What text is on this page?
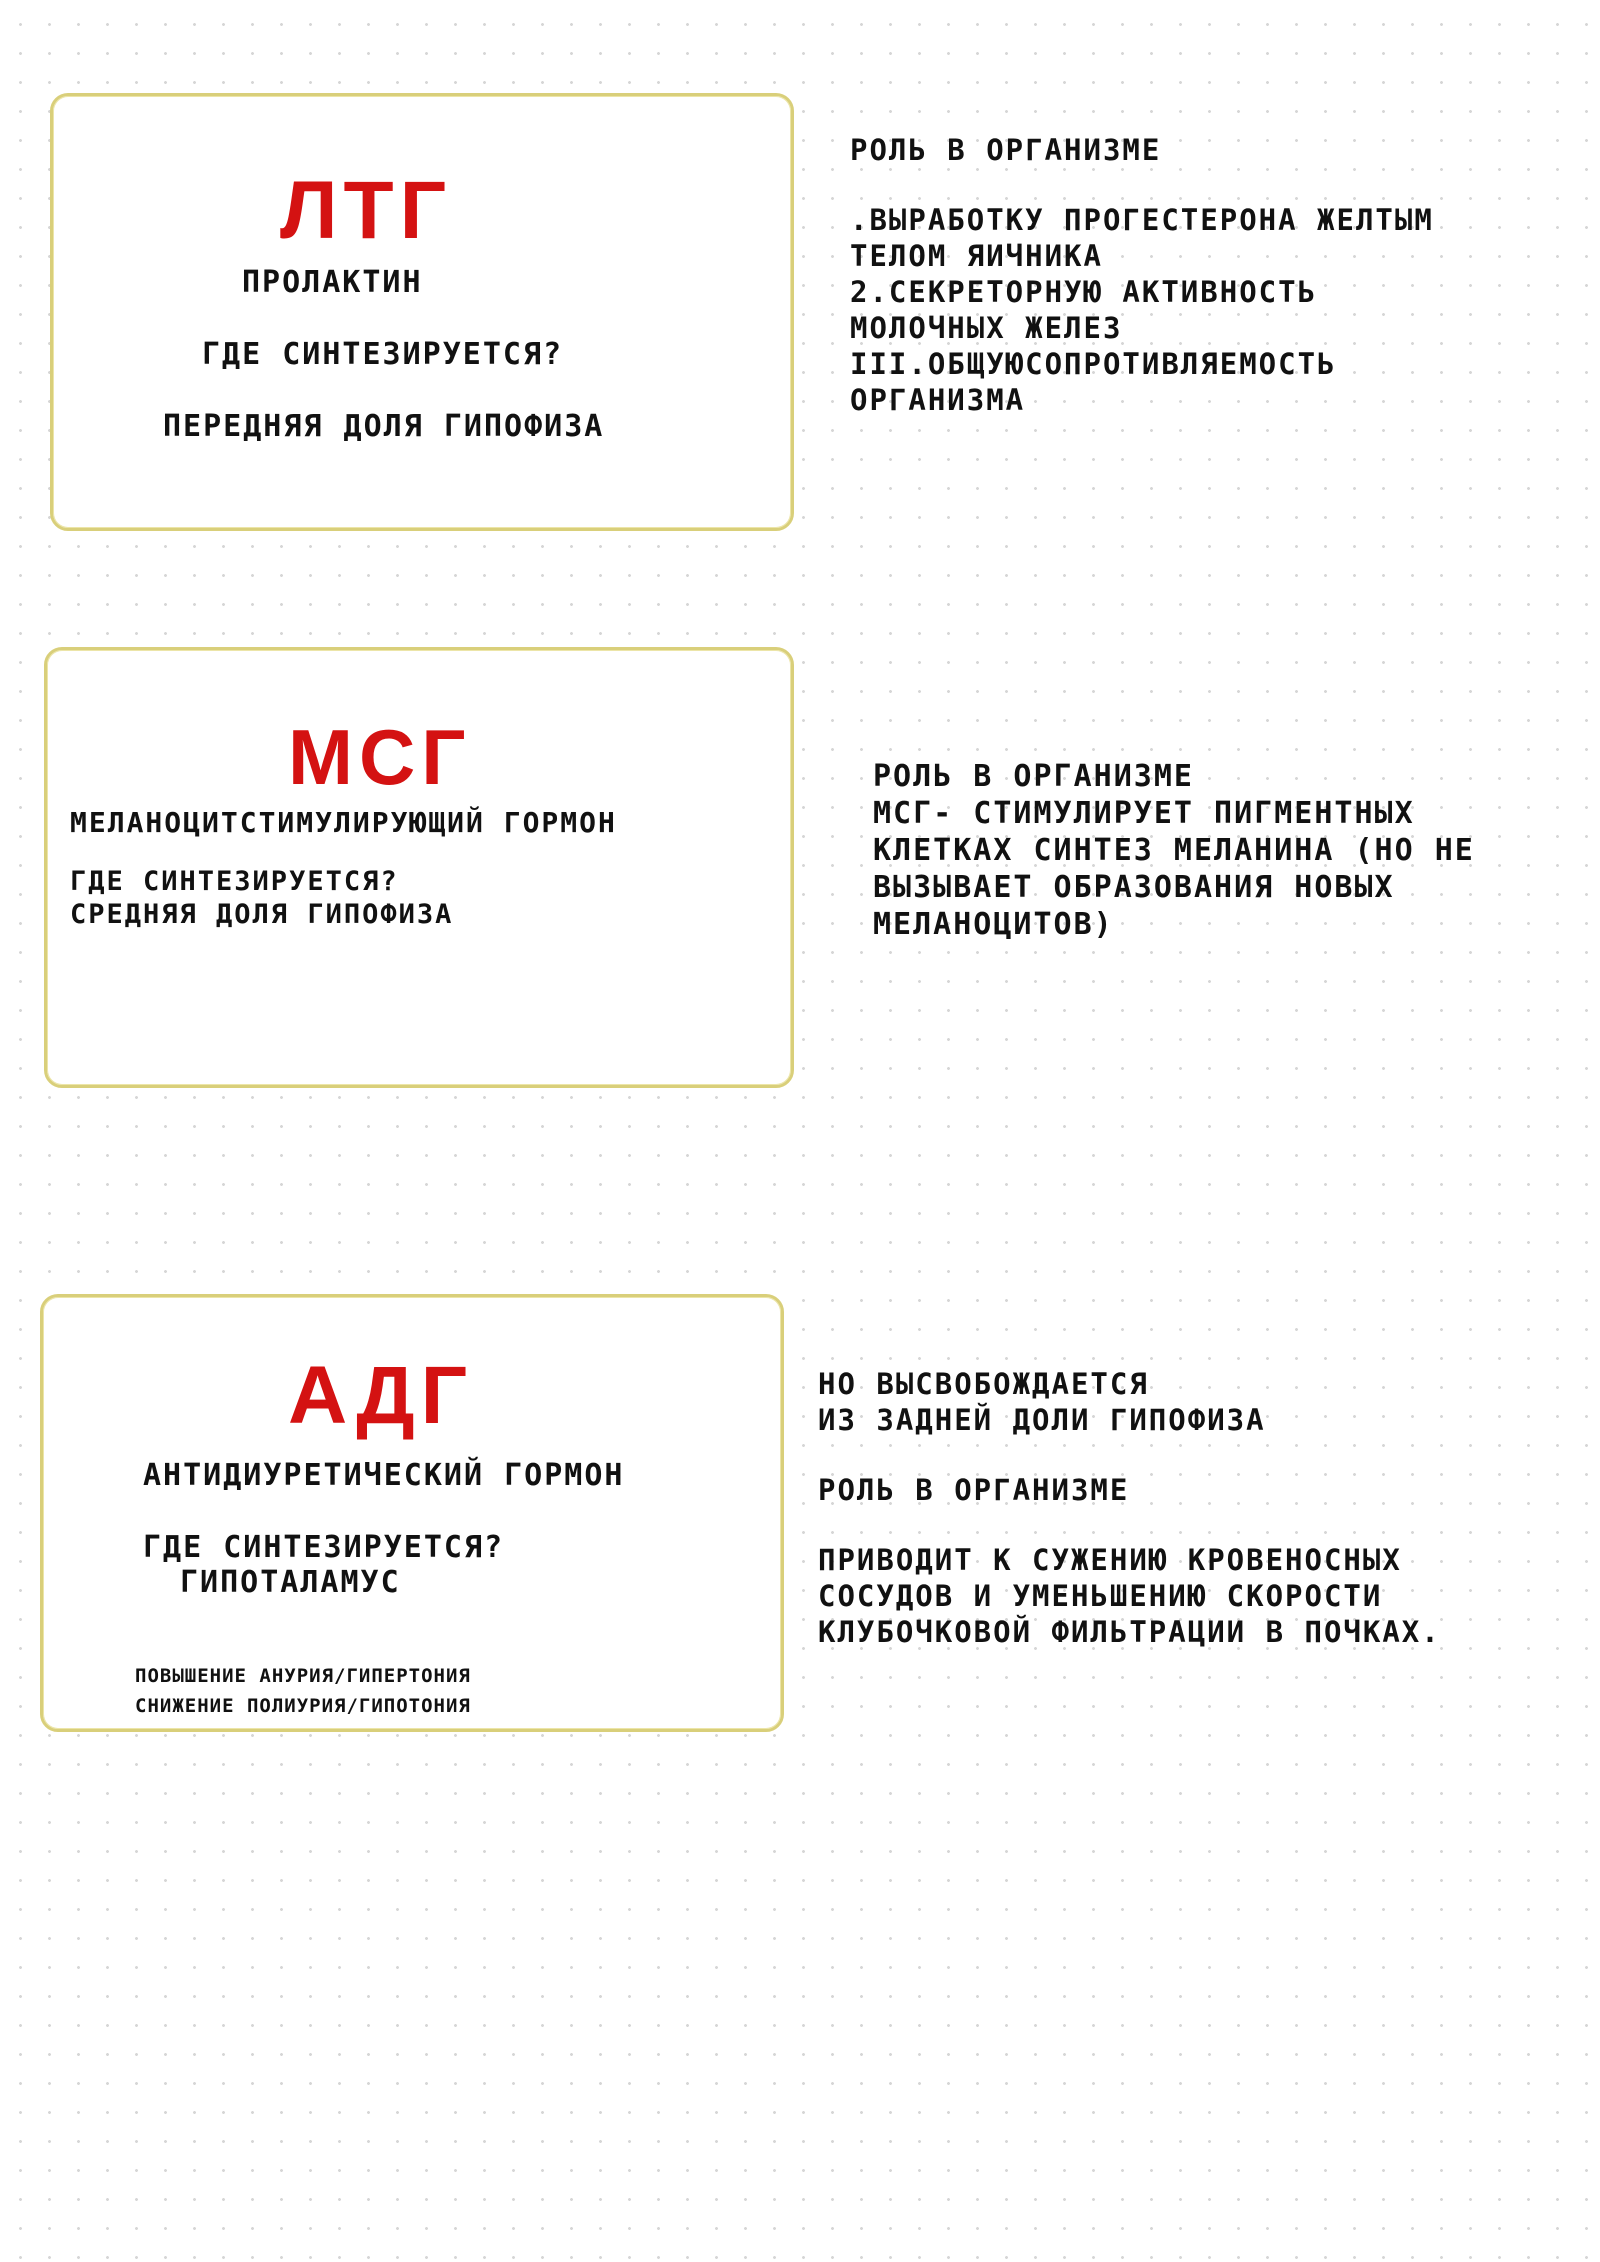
ЛТГ
ПРОЛАКТИН
ГДЕ СИНТЕЗИРУЕТСЯ?
ПЕРЕДНЯЯ ДОЛЯ ГИПОФИЗА
РОЛЬ В ОРГАНИЗМЕ
.ВЫРАБОТКУ ПРОГЕСТЕРОНА ЖЕЛТЫМ
ТЕЛОМ ЯИЧНИКА
2.СЕКРЕТОРНУЮ АКТИВНОСТЬ
МОЛОЧНЫХ ЖЕЛЕЗ
III.ОБЩУЮСОПРОТИВЛЯЕМОСТЬ
ОРГАНИЗМА
МСГ
МЕЛАНОЦИТСТИМУЛИРУЮЩИЙ ГОРМОН
ГДЕ СИНТЕЗИРУЕТСЯ?
СРЕДНЯЯ ДОЛЯ ГИПОФИЗА
РОЛЬ В ОРГАНИЗМЕ
МСГ- СТИМУЛИРУЕТ ПИГМЕНТНЫХ
КЛЕТКАХ СИНТЕЗ МЕЛАНИНА (НО НЕ
ВЫЗЫВАЕТ ОБРАЗОВАНИЯ НОВЫХ
МЕЛАНОЦИТОВ)
АДГ
АНТИДИУРЕТИЧЕСКИЙ ГОРМОН
ГДЕ СИНТЕЗИРУЕТСЯ?
ГИПОТАЛАМУС
ПОВЫШЕНИЕ АНУРИЯ/ГИПЕРТОНИЯ
СНИЖЕНИЕ ПОЛИУРИЯ/ГИПОТОНИЯ
НО ВЫСВОБОЖДАЕТСЯ
ИЗ ЗАДНЕЙ ДОЛИ ГИПОФИЗА
РОЛЬ В ОРГАНИЗМЕ
ПРИВОДИТ К СУЖЕНИЮ КРОВЕНОСНЫХ
СОСУДОВ И УМЕНЬШЕНИЮ СКОРОСТИ
КЛУБОЧКОВОЙ ФИЛЬТРАЦИИ В ПОЧКАХ.
